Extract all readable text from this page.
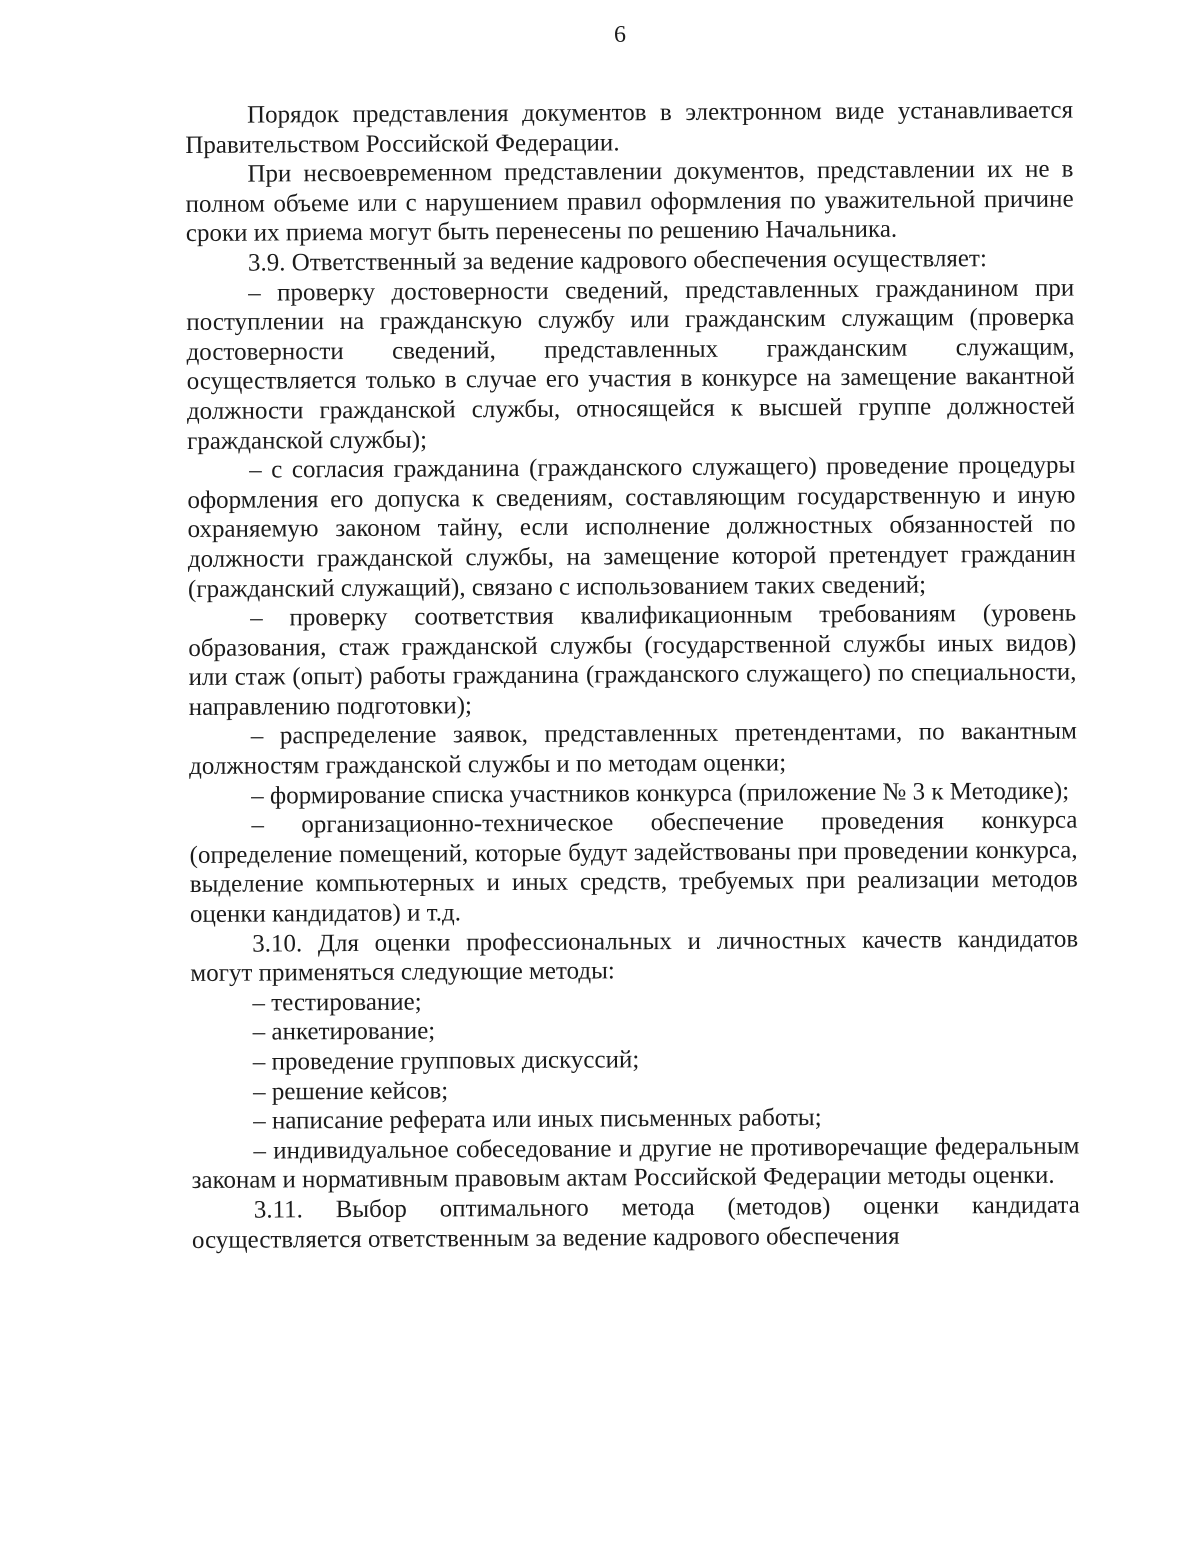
6

Порядок представления документов в электронном виде устанавливается Правительством Российской Федерации.

При несвоевременном представлении документов, представлении их не в полном объеме или с нарушением правил оформления по уважительной причине сроки их приема могут быть перенесены по решению Начальника.

3.9. Ответственный за ведение кадрового обеспечения осуществляет:

– проверку достоверности сведений, представленных гражданином при поступлении на гражданскую службу или гражданским служащим (проверка достоверности сведений, представленных гражданским служащим, осуществляется только в случае его участия в конкурсе на замещение вакантной должности гражданской службы, относящейся к высшей группе должностей гражданской службы);

– с согласия гражданина (гражданского служащего) проведение процедуры оформления его допуска к сведениям, составляющим государственную и иную охраняемую законом тайну, если исполнение должностных обязанностей по должности гражданской службы, на замещение которой претендует гражданин (гражданский служащий), связано с использованием таких сведений;

– проверку соответствия квалификационным требованиям (уровень образования, стаж гражданской службы (государственной службы иных видов) или стаж (опыт) работы гражданина (гражданского служащего) по специальности, направлению подготовки);

– распределение заявок, представленных претендентами, по вакантным должностям гражданской службы и по методам оценки;

– формирование списка участников конкурса (приложение № 3 к Методике);

– организационно-техническое обеспечение проведения конкурса (определение помещений, которые будут задействованы при проведении конкурса, выделение компьютерных и иных средств, требуемых при реализации методов оценки кандидатов) и т.д.

3.10. Для оценки профессиональных и личностных качеств кандидатов могут применяться следующие методы:

– тестирование;

– анкетирование;

– проведение групповых дискуссий;

– решение кейсов;

– написание реферата или иных письменных работы;

– индивидуальное собеседование и другие не противоречащие федеральным законам и нормативным правовым актам Российской Федерации методы оценки.

3.11. Выбор оптимального метода (методов) оценки кандидата осуществляется ответственным за ведение кадрового обеспечения
